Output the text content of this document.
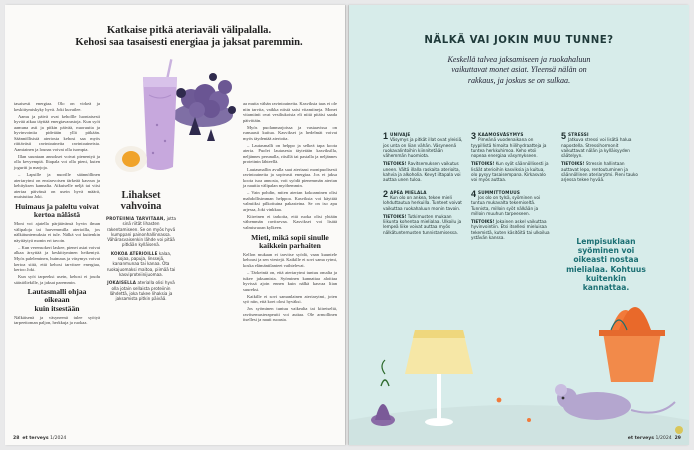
Katkaise pitkä ateriaväli välipalalla.
Kehosi saa tasaisesti energiaa ja jaksat paremmin.

tasaisesti energiaa. Olo on virkeä ja keskittymiskyky hyvä. Joki kuvailee.

Aamu ja päivä ovat kehollle luontaisesti hyvää aikaa täyttää energiavarastoja. Kun syöt aamuna asti ja pitkin päivää, nuoruutta ja hyvinvointia pidetään yllä pitkään. Säännöllisistä ateriosta kehosi saa myös riittävästi ravintoaineita ravintoaineista. Aamiainen ja lounas voivat olla isompia.

Illan suuntaan annokset voivat pienentyä ja olla kevyempiä. Iltapala voi olla pieni, kuten jogurtti ja marjoja.

– Lapsille ja nuorille säännöllinen ateriarytmi on ensiarvoisen tärkeää kasvun ja kehityksen kannalta. Aikuiselle neljä tai viisi ateriaa päivässä on usein hyvä määrä, muistuttaa Joki.

Huimaus ja paleltu voivat
kertoa nälästä

Moni voi ajatella pärjäävänsä hyvin ilman välipaloja tai harvemmilla aterioilla, jos nälkätuntemuksia ei tule. Nälkä voi kuitenkin näyttäytyä monin eri tavoin.

– Kun verensokeri laskee, pienet asiat voivat alkaa ärsyttää ja keskittyminen heikentyä. Myös paleleminen, huimaus ja väsymys voivat kertoa siitä, että kehosi tarvitsee energiaa, kertoo Joki.

Kun syöt tarpeeksi usein, kehosi ei joudu säästöliekille, ja jaksat paremmin.

Lautasmalli ohjaa oikeaan
kuin itsestään

Nälkäisenä ja väsyneenä tulee syötyä tarpeettoman paljon, herkkuja ja ruokaa.

Lihakset
vahvoina

PROTEIINIA TARVITAAN, jotta sinä riität lihasten rakentamiseen. Se on myös hyvä kumppani painonhallinnassa. Vähärasvaisenkin lähde voi pitää pitkään kylläisenä.

KOKOA ATERIOILLE kalaa, sojaa, papuja, linssejä, kananmunaa tai kanaa. Ota ruokajuomaksi maitoa, piimää tai kasviproteiinijuomaa.

JOKAISELLA aterialla olisi hyvä olla jotain sellaista proteiinin lähdettä, joka tukee lihaksia ja jaksamista pitkin päivää.

aa mutta vähän ravintoaineita. Kasviksia taas ei ole niin tarvita, vaikka niistä saisi vitamiineja. Monet vitamiinit ovat vesiliukoisia eli niitä pitäisi saada päivittäin.

Myös puolanmarjoissa ja vastaavissa on runsaasti kuitua. Kasvikset ja hedelmät voivat myös täydentää aterioita.

– Lautasmalli on helppo ja selkeä tapa koota ateria. Puolet lautasesta täytetään kasviksilla, neljännes perunalla, riisillä tai pastalla ja neljännes proteiinin lähteellä.

Lautasmallin avulla saat ateriaasi monipuolisesti ravintoaineita ja sopivasti energiaa. Jos et jaksa koota isoa annosta, voit syödä pienemmän aterian ja nauttia välipalan myöhemmin.

– Vain pohdin, miten aterian kokoaminen olisi mahdollisimman helppoa. Kasviksia voi käyttää valmiiksi pilkottuina pakasteina. Se on iso apu arjessa, Joki vinkkaa.

Kiireinen ei tarkoita, että ruoka olisi yhtään vähemmän ravitsevaa. Kasvikset voi lisätä valmisruoan kylkeen.

Mieti, mikä sopii sinulle
kaikkein parhaiten

Kellon mukaan ei tarvitse syödä, vaan kuuntele kehoasi ja sen viestejä. Kaikille ei sovi sama rytmi, koska elämäntilanteet vaihtelevat.

– Tärkeintä on, että ateriarytmi tuntuu omalta ja tukee jaksamista. Syöminen kannattaa aloittaa hyvissä ajoin ennen kuin nälkä kasvaa liian suureksi.

Kaikille ei sovi samanlainen ateriarytmi, joten syö niin, että koet olosi hyväksi.

Jos syöminen tuntuu vaikealta tai kiireiseltä, ravitsemusterapeutti voi auttaa. Ole armollinen itsellesi ja nauti ruoasta.

28 et terveys 1/2024
NÄLKÄ VAI JOKIN MUU TUNNE?

Keskellä talvea jaksamiseen ja ruokahaluun
vaikuttavat monet asiat. Yleensä nälän on
rakkaus, ja joskus se on sulkaa.

1 UNIVAJE
Väsymys ja pitkät illat ovat yleisiä, jos unta on liian vähän. Väsyneenä ruokavalintoihin kiinnitetään vähemmän huomiota.
TIETOIKS! Ravitsemuksen vaikutus uneen. Vältä illalla raskaita aterioita, kahvia ja alkoholia. Kevyt iltapala voi auttaa unen tuloa.
2 APEA MIELALA
Kun olo on ankea, tekee mieli lohduttautua herkuilla. Tunteet voivat vaikuttaa ruokahaluun monin tavoin.
TIETOIKS! Tutkimusten mukaan liikunta kohentaa mielialaa. Ulkoilu ja lempeä liike voivat auttaa myös nälkätuntemusten tunnistamisessa.
3 KAAMOSVÄSYMYS
Pimeänä vuodenaikana on tyypillistä himoita hiilihydraatteja ja tuntea herkkuhimoa. Keho etsii nopeaa energiaa väsymykseen.
TIETOIKS! Kun syöt säännöllisesti ja lisäät aterioihin kasviksia ja kuitua, olo pysyy tasaisempana. Kirkasvalo voi myös auttaa.
4 SUMMITTOMUUS
Jos olo on tylsä, syöminen voi tuntua mukavalta tekemiseltä. Tunnista, milloin syöt nälkään ja milloin muuhun tarpeeseen.
TIETOIKS! Jokainen askel vaikuttaa hyvinvointiin. Etsi itsellesi mieluisaa tekemistä, kuten käsitöitä tai ulkoilua ystävän kanssa.
5 STRESSI
Jatkuva stressi voi lisätä halua napostella. Stressihormonit vaikuttavat nälän ja kylläisyyden säätelyyn.
TIETOIKS! Stressin hallintaan auttavat lepo, rentoutuminen ja säännöllinen ateriarytmi. Pieni tauko arjessa tekee hyvää.

Lempisuklaan
syöminen voi
oikeasti nostaa
mielialaa. Kohtuus
kuitenkin
kannattaa.

et terveys 1/2024 29
